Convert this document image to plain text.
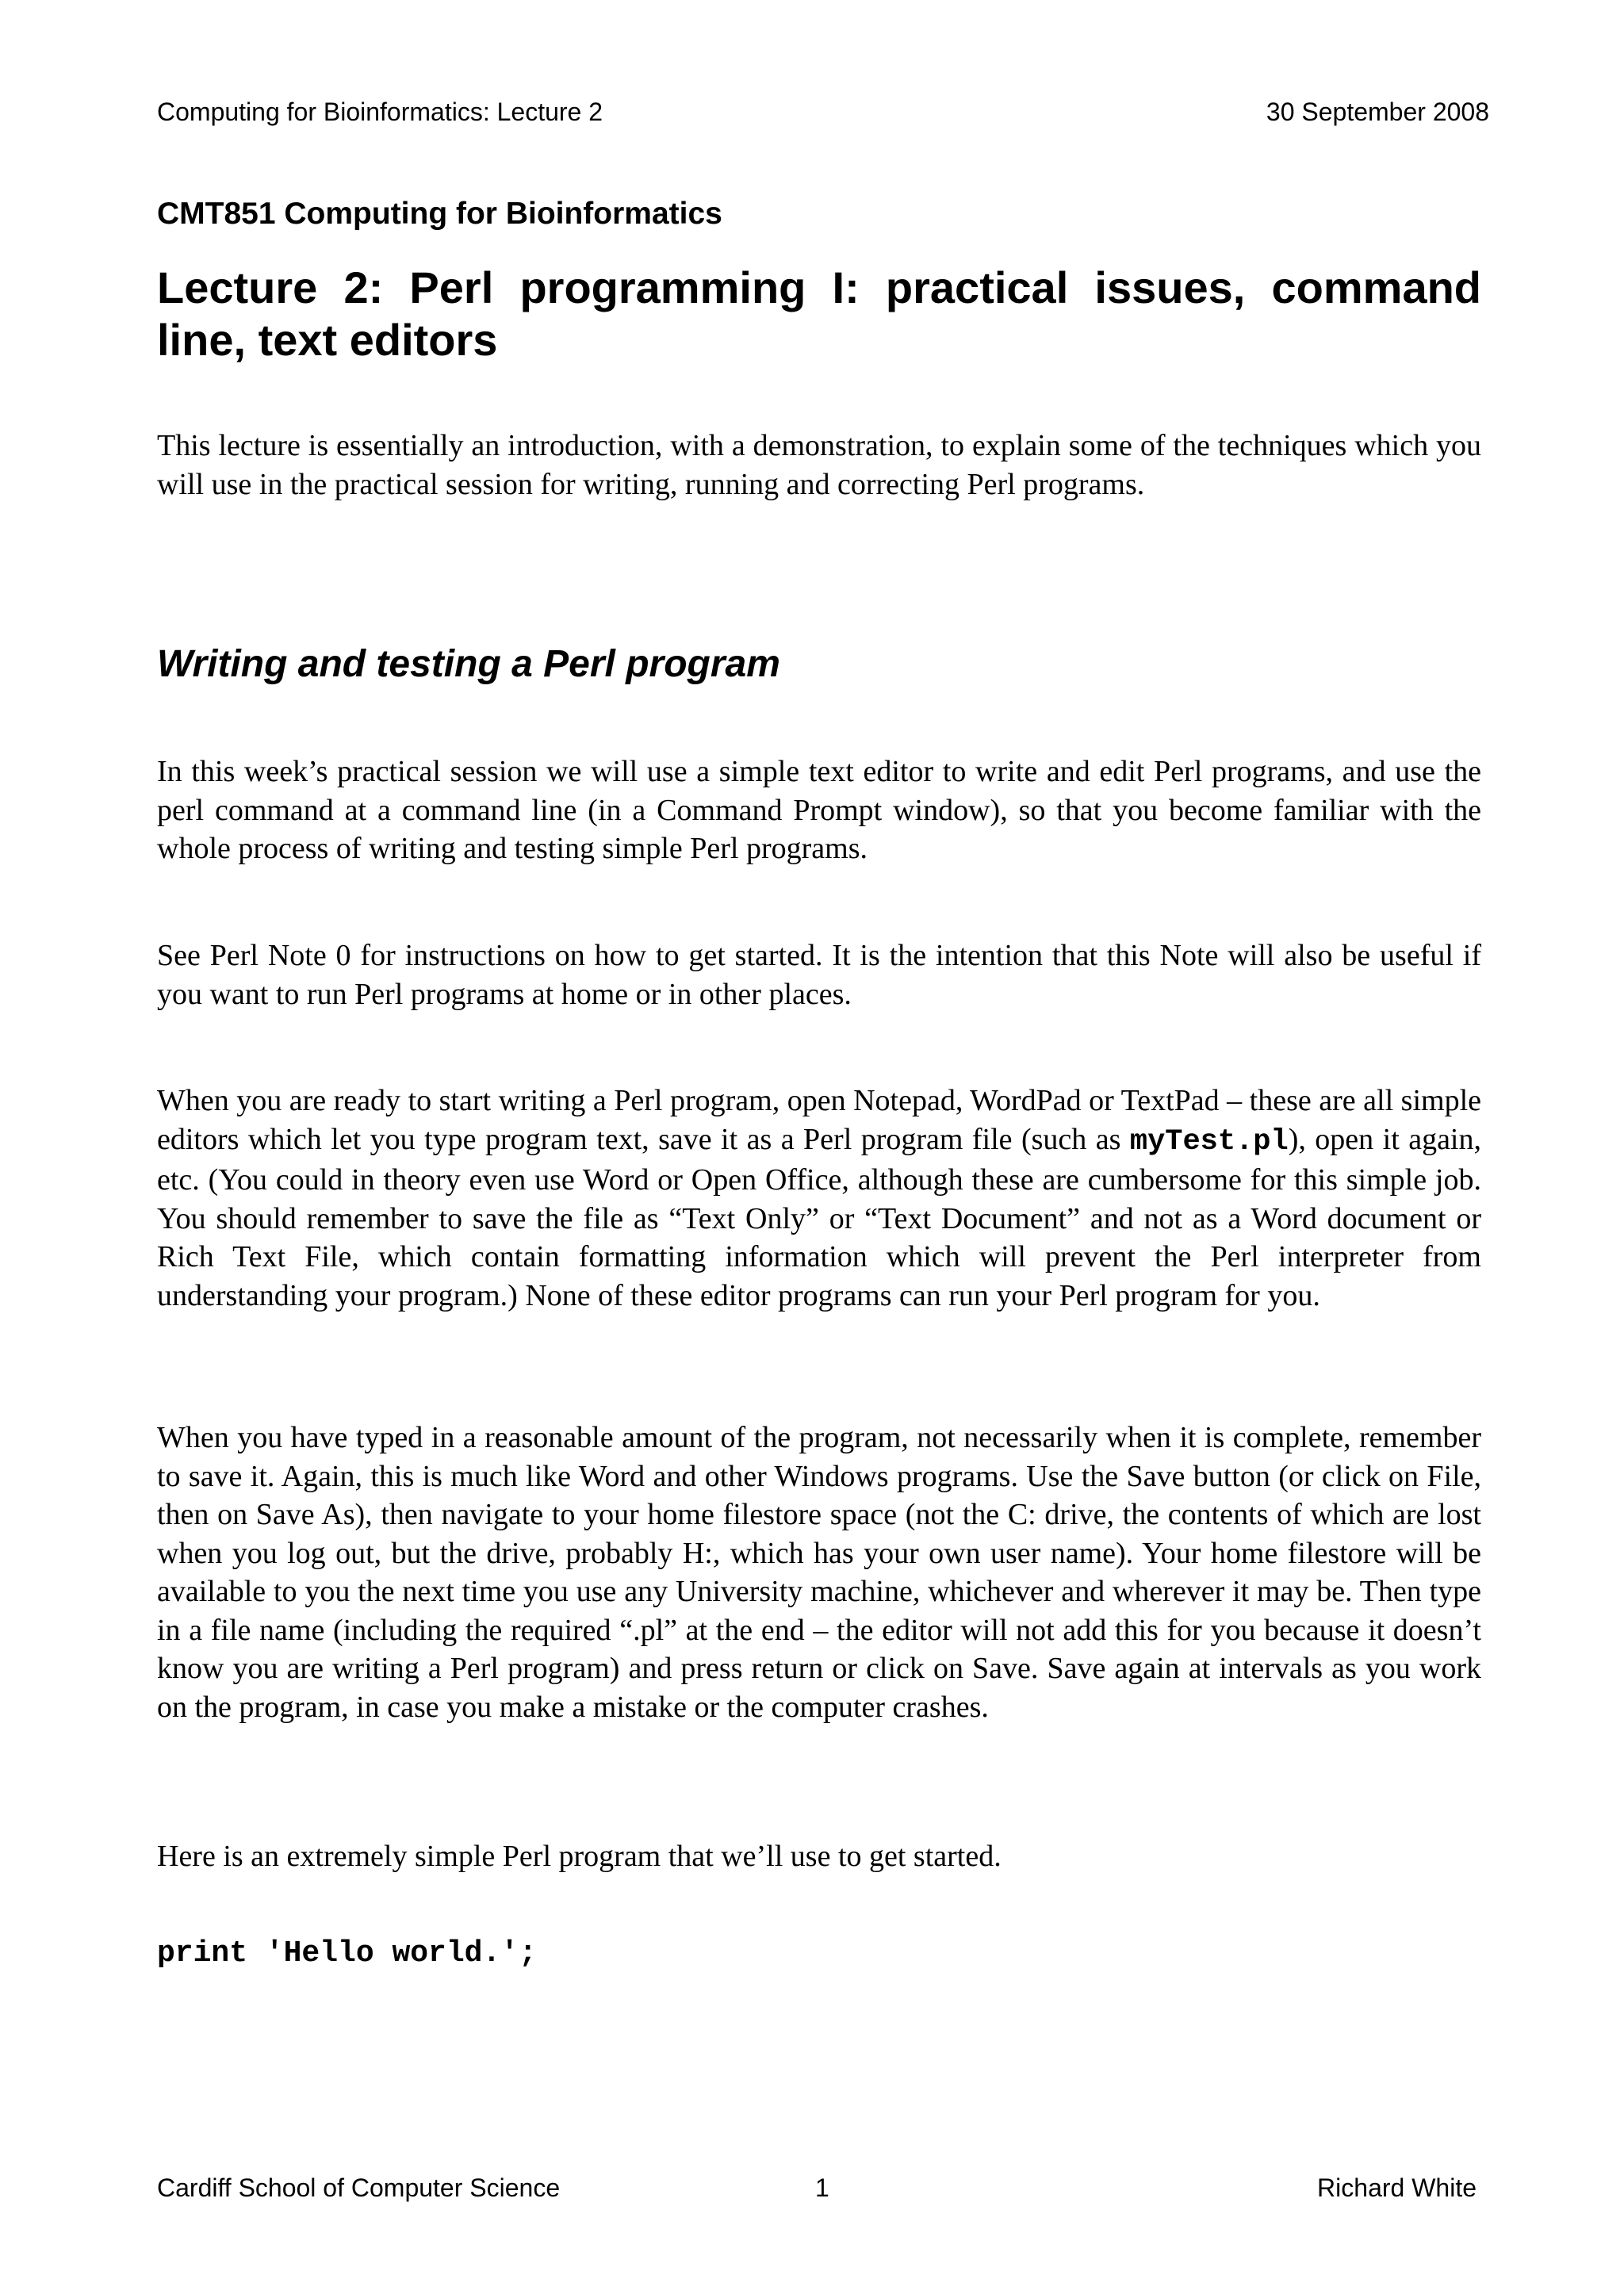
Computing for Bioinformatics: Lecture 2	30 September 2008
CMT851 Computing for Bioinformatics
Lecture 2: Perl programming I: practical issues, command line, text editors

This lecture is essentially an introduction, with a demonstration, to explain some of the techniques which you will use in the practical session for writing, running and correcting Perl programs.

Writing and testing a Perl program

In this week’s practical session we will use a simple text editor to write and edit Perl programs, and use the perl command at a command line (in a Command Prompt window), so that you become familiar with the whole process of writing and testing simple Perl programs.

See Perl Note 0 for instructions on how to get started. It is the intention that this Note will also be useful if you want to run Perl programs at home or in other places.

When you are ready to start writing a Perl program, open Notepad, WordPad or TextPad – these are all simple editors which let you type program text, save it as a Perl program file (such as myTest.pl), open it again, etc. (You could in theory even use Word or Open Office, although these are cumbersome for this simple job. You should remember to save the file as “Text Only” or “Text Document” and not as a Word document or Rich Text File, which contain formatting information which will prevent the Perl interpreter from understanding your program.) None of these editor programs can run your Perl program for you.

When you have typed in a reasonable amount of the program, not necessarily when it is complete, remember to save it. Again, this is much like Word and other Windows programs. Use the Save button (or click on File, then on Save As), then navigate to your home filestore space (not the C: drive, the contents of which are lost when you log out, but the drive, probably H:, which has your own user name). Your home filestore will be available to you the next time you use any University machine, whichever and wherever it may be. Then type in a file name (including the required “.pl” at the end – the editor will not add this for you because it doesn’t know you are writing a Perl program) and press return or click on Save. Save again at intervals as you work on the program, in case you make a mistake or the computer crashes.

Here is an extremely simple Perl program that we’ll use to get started.

print 'Hello world.';
Cardiff School of Computer Science	1	Richard White
